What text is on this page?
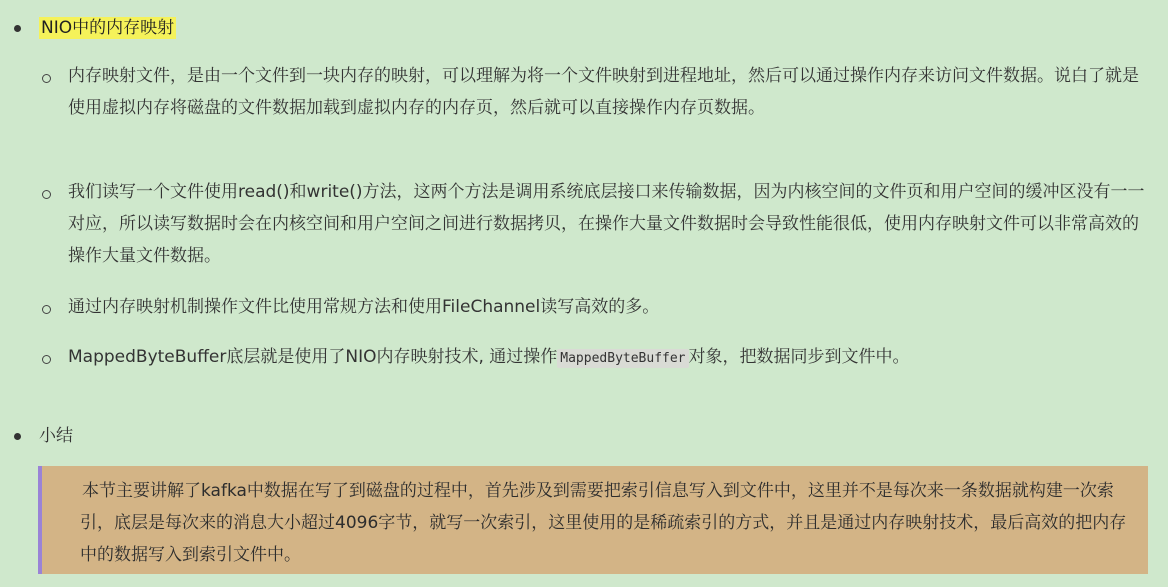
NIO中的内存映射
内存映射文件，是由一个文件到一块内存的映射，可以理解为将一个文件映射到进程地址，然后可以通过操作内存来访问文件数据。说白了就是使用虚拟内存将磁盘的文件数据加载到虚拟内存的内存页，然后就可以直接操作内存页数据。
我们读写一个文件使用read()和write()方法，这两个方法是调用系统底层接口来传输数据，因为内核空间的文件页和用户空间的缓冲区没有一一对应，所以读写数据时会在内核空间和用户空间之间进行数据拷贝，在操作大量文件数据时会导致性能很低，使用内存映射文件可以非常高效的操作大量文件数据。
通过内存映射机制操作文件比使用常规方法和使用FileChannel读写高效的多。
MappedByteBuffer底层就是使用了NIO内存映射技术, 通过操作 MappedByteBuffer 对象，把数据同步到文件中。
小结
本节主要讲解了kafka中数据在写了到磁盘的过程中，首先涉及到需要把索引信息写入到文件中，这里并不是每次来一条数据就构建一次索引，底层是每次来的消息大小超过4096字节，就写一次索引，这里使用的是稀疏索引的方式，并且是通过内存映射技术，最后高效的把内存中的数据写入到索引文件中。
